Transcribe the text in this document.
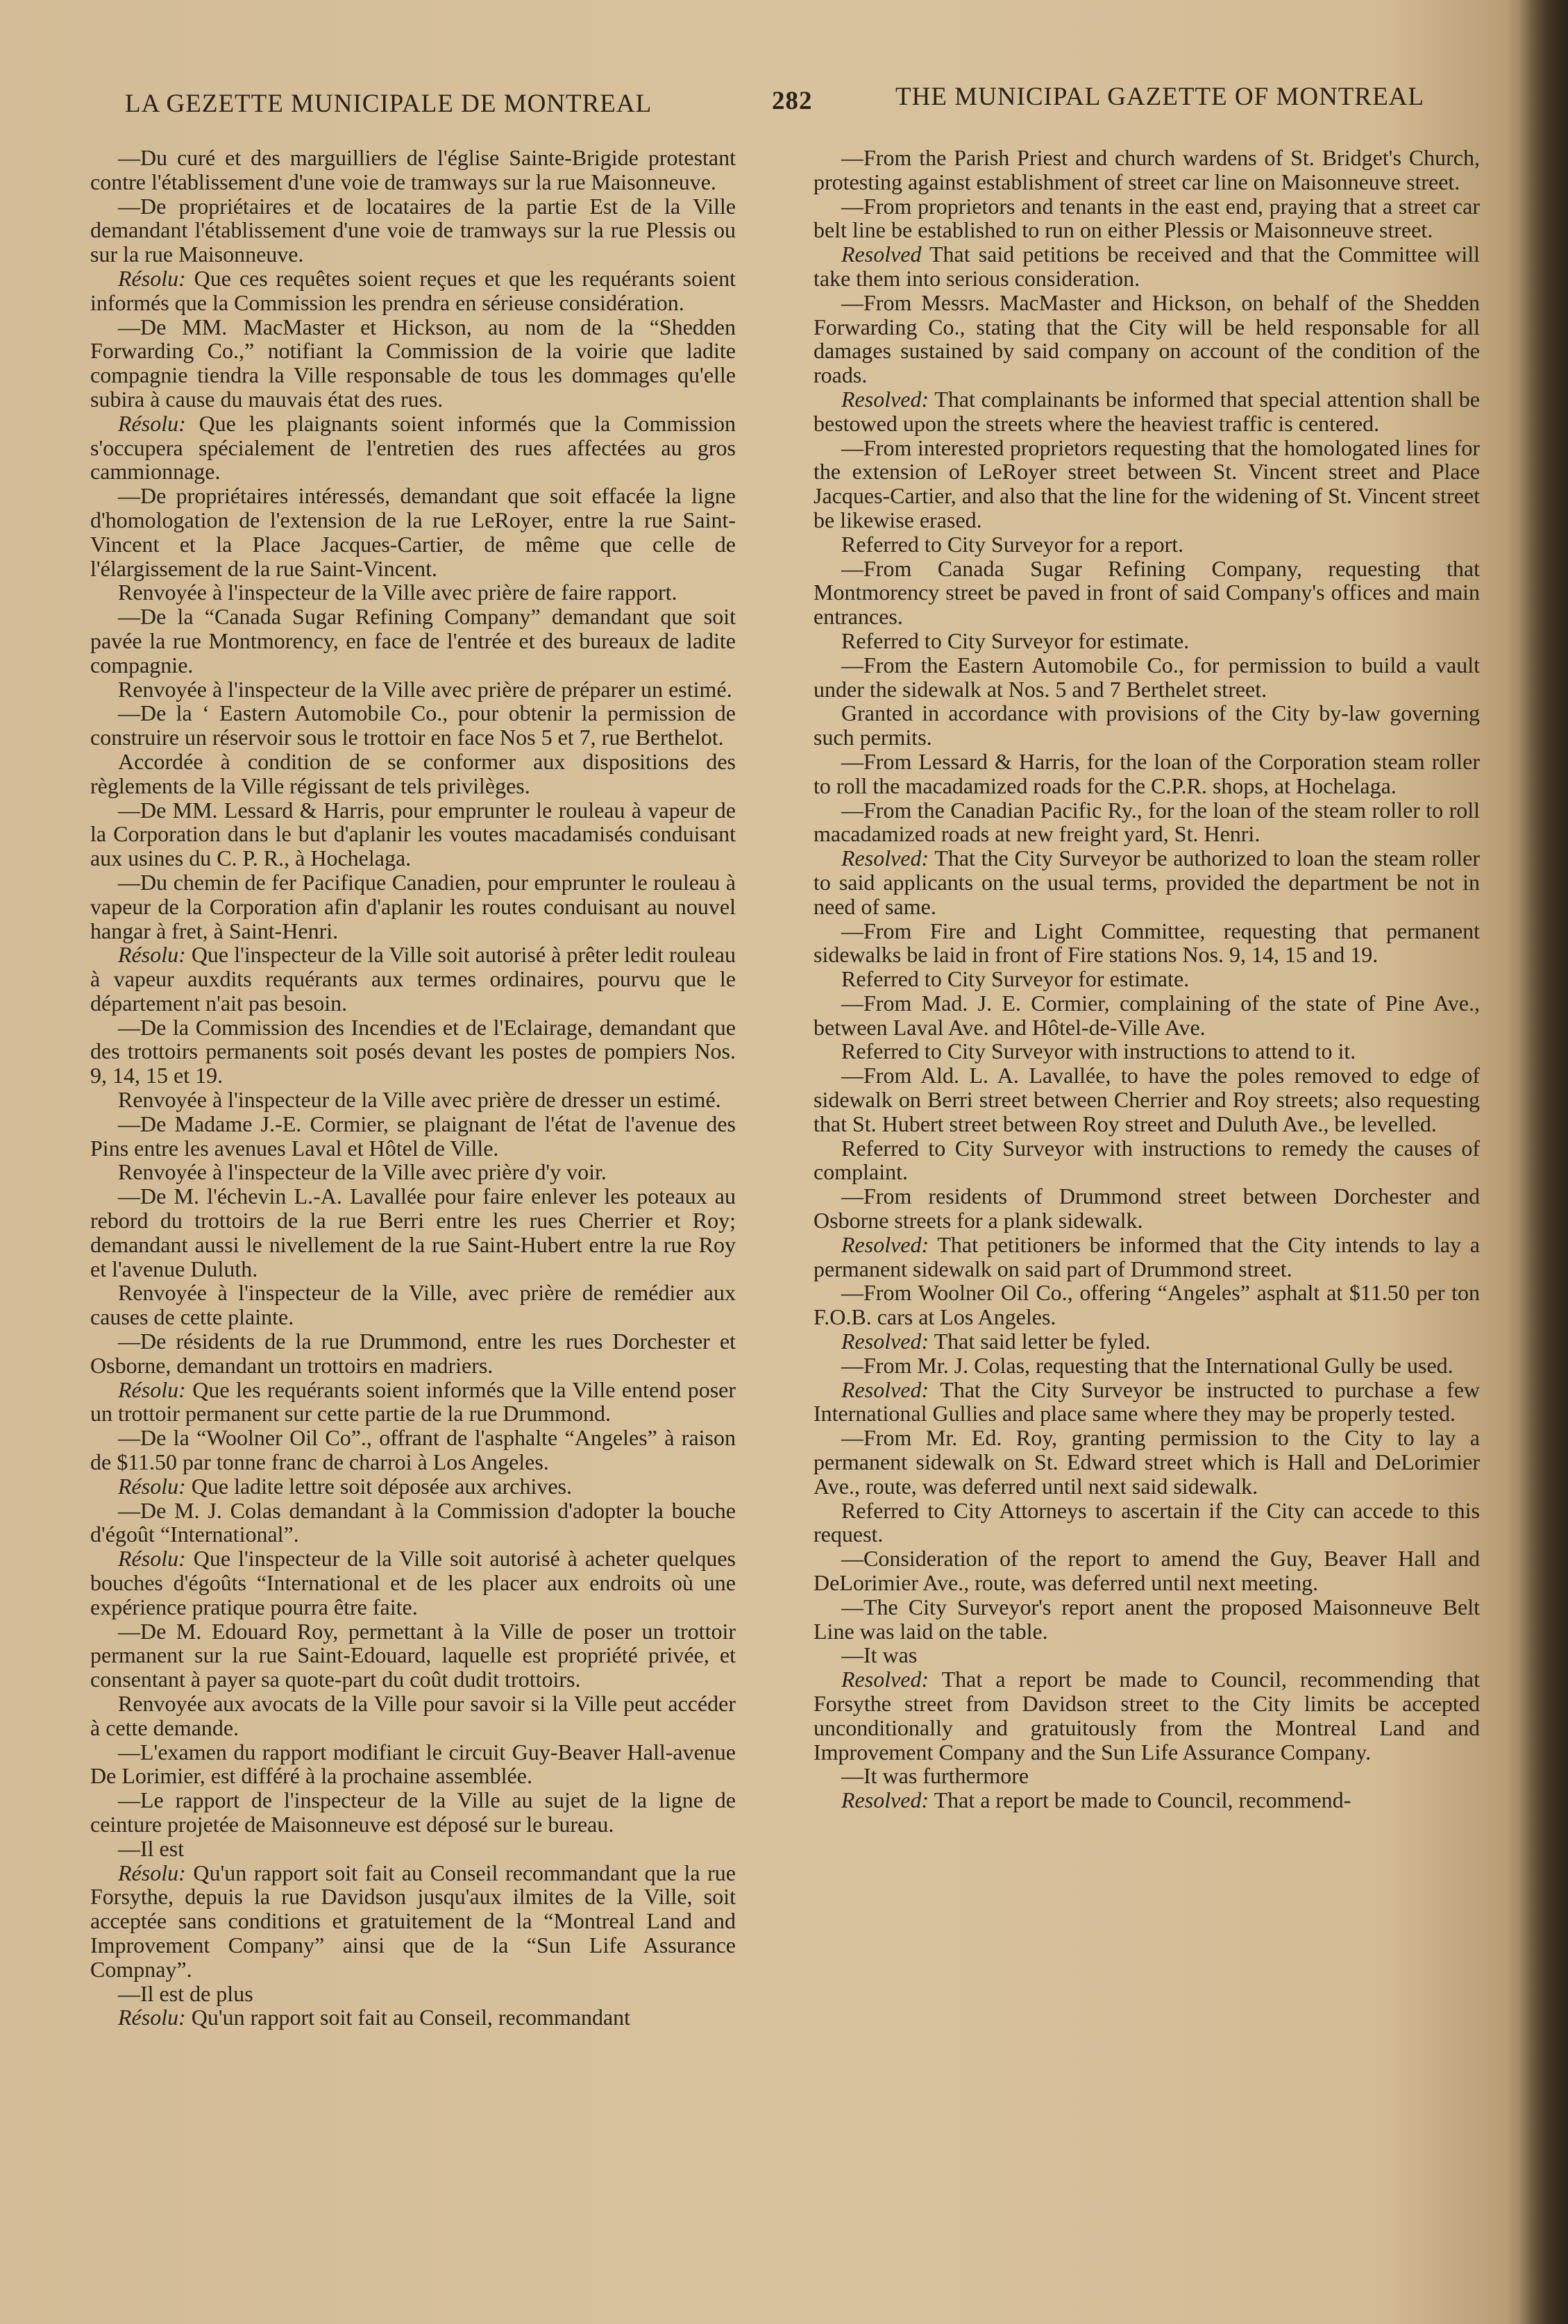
LA GEZETTE MUNICIPALE DE MONTREAL	282	THE MUNICIPAL GAZETTE OF MONTREAL

—Du curé et des marguilliers de l'église Sainte-Brigide protestant contre l'établissement d'une voie de tramways sur la rue Maisonneuve.

—De propriétaires et de locataires de la partie Est de la Ville demandant l'établissement d'une voie de tramways sur la rue Plessis ou sur la rue Maisonneuve.

Résolu: Que ces requêtes soient reçues et que les requérants soient informés que la Commission les prendra en sérieuse considération.

—De MM. MacMaster et Hickson, au nom de la “Shedden Forwarding Co.,” notifiant la Commission de la voirie que ladite compagnie tiendra la Ville responsable de tous les dommages qu'elle subira à cause du mauvais état des rues.

Résolu: Que les plaignants soient informés que la Commission s'occupera spécialement de l'entretien des rues affectées au gros cammionnage.

—De propriétaires intéressés, demandant que soit effacée la ligne d'homologation de l'extension de la rue LeRoyer, entre la rue Saint-Vincent et la Place Jacques-Cartier, de même que celle de l'élargissement de la rue Saint-Vincent.

Renvoyée à l'inspecteur de la Ville avec prière de faire rapport.

—De la “Canada Sugar Refining Company” demandant que soit pavée la rue Montmorency, en face de l'entrée et des bureaux de ladite compagnie.

Renvoyée à l'inspecteur de la Ville avec prière de préparer un estimé.

—De la ‘ Eastern Automobile Co., pour obtenir la permission de construire un réservoir sous le trottoir en face Nos 5 et 7, rue Berthelot.

Accordée à condition de se conformer aux dispositions des règlements de la Ville régissant de tels privilèges.

—De MM. Lessard & Harris, pour emprunter le rouleau à vapeur de la Corporation dans le but d'aplanir les voutes macadamisés conduisant aux usines du C. P. R., à Hochelaga.

—Du chemin de fer Pacifique Canadien, pour emprunter le rouleau à vapeur de la Corporation afin d'aplanir les routes conduisant au nouvel hangar à fret, à Saint-Henri.

Résolu: Que l'inspecteur de la Ville soit autorisé à prêter ledit rouleau à vapeur auxdits requérants aux termes ordinaires, pourvu que le département n'ait pas besoin.

—De la Commission des Incendies et de l'Eclairage, demandant que des trottoirs permanents soit posés devant les postes de pompiers Nos. 9, 14, 15 et 19.

Renvoyée à l'inspecteur de la Ville avec prière de dresser un estimé.

—De Madame J.-E. Cormier, se plaignant de l'état de l'avenue des Pins entre les avenues Laval et Hôtel de Ville.

Renvoyée à l'inspecteur de la Ville avec prière d'y voir.

—De M. l'échevin L.-A. Lavallée pour faire enlever les poteaux au rebord du trottoirs de la rue Berri entre les rues Cherrier et Roy; demandant aussi le nivellement de la rue Saint-Hubert entre la rue Roy et l'avenue Duluth.

Renvoyée à l'inspecteur de la Ville, avec prière de remédier aux causes de cette plainte.

—De résidents de la rue Drummond, entre les rues Dorchester et Osborne, demandant un trottoirs en madriers.

Résolu: Que les requérants soient informés que la Ville entend poser un trottoir permanent sur cette partie de la rue Drummond.

—De la “Woolner Oil Co”., offrant de l'asphalte “Angeles” à raison de $11.50 par tonne franc de charroi à Los Angeles.

Résolu: Que ladite lettre soit déposée aux archives.

—De M. J. Colas demandant à la Commission d'adopter la bouche d'égoût “International”.

Résolu: Que l'inspecteur de la Ville soit autorisé à acheter quelques bouches d'égoûts “International et de les placer aux endroits où une expérience pratique pourra être faite.

—De M. Edouard Roy, permettant à la Ville de poser un trottoir permanent sur la rue Saint-Edouard, laquelle est propriété privée, et consentant à payer sa quote-part du coût dudit trottoirs.

Renvoyée aux avocats de la Ville pour savoir si la Ville peut accéder à cette demande.

—L'examen du rapport modifiant le circuit Guy-Beaver Hall-avenue De Lorimier, est différé à la prochaine assemblée.

—Le rapport de l'inspecteur de la Ville au sujet de la ligne de ceinture projetée de Maisonneuve est déposé sur le bureau.

—Il est

Résolu: Qu'un rapport soit fait au Conseil recommandant que la rue Forsythe, depuis la rue Davidson jusqu'aux ilmites de la Ville, soit acceptée sans conditions et gratuitement de la “Montreal Land and Improvement Company” ainsi que de la “Sun Life Assurance Compnay”.

—Il est de plus

Résolu: Qu'un rapport soit fait au Conseil, recommandant

—From the Parish Priest and church wardens of St. Bridget's Church, protesting against establishment of street car line on Maisonneuve street.

—From proprietors and tenants in the east end, praying that a street car belt line be established to run on either Plessis or Maisonneuve street.

Resolved That said petitions be received and that the Committee will take them into serious consideration.

—From Messrs. MacMaster and Hickson, on behalf of the Shedden Forwarding Co., stating that the City will be held responsable for all damages sustained by said company on account of the condition of the roads.

Resolved: That complainants be informed that special attention shall be bestowed upon the streets where the heaviest traffic is centered.

—From interested proprietors requesting that the homologated lines for the extension of LeRoyer street between St. Vincent street and Place Jacques-Cartier, and also that the line for the widening of St. Vincent street be likewise erased.

Referred to City Surveyor for a report.

—From Canada Sugar Refining Company, requesting that Montmorency street be paved in front of said Company's offices and main entrances.

Referred to City Surveyor for estimate.

—From the Eastern Automobile Co., for permission to build a vault under the sidewalk at Nos. 5 and 7 Berthelet street.

Granted in accordance with provisions of the City by-law governing such permits.

—From Lessard & Harris, for the loan of the Corporation steam roller to roll the macadamized roads for the C.P.R. shops, at Hochelaga.

—From the Canadian Pacific Ry., for the loan of the steam roller to roll macadamized roads at new freight yard, St. Henri.

Resolved: That the City Surveyor be authorized to loan the steam roller to said applicants on the usual terms, provided the department be not in need of same.

—From Fire and Light Committee, requesting that permanent sidewalks be laid in front of Fire stations Nos. 9, 14, 15 and 19.

Referred to City Surveyor for estimate.

—From Mad. J. E. Cormier, complaining of the state of Pine Ave., between Laval Ave. and Hôtel-de-Ville Ave.

Referred to City Surveyor with instructions to attend to it.

—From Ald. L. A. Lavallée, to have the poles removed to edge of sidewalk on Berri street between Cherrier and Roy streets; also requesting that St. Hubert street between Roy street and Duluth Ave., be levelled.

Referred to City Surveyor with instructions to remedy the causes of complaint.

—From residents of Drummond street between Dorchester and Osborne streets for a plank sidewalk.

Resolved: That petitioners be informed that the City intends to lay a permanent sidewalk on said part of Drummond street.

—From Woolner Oil Co., offering “Angeles” asphalt at $11.50 per ton F.O.B. cars at Los Angeles.

Resolved: That said letter be fyled.

—From Mr. J. Colas, requesting that the International Gully be used.

Resolved: That the City Surveyor be instructed to purchase a few International Gullies and place same where they may be properly tested.

—From Mr. Ed. Roy, granting permission to the City to lay a permanent sidewalk on St. Edward street which is Hall and DeLorimier Ave., route, was deferred until next said sidewalk.

Referred to City Attorneys to ascertain if the City can accede to this request.

—Consideration of the report to amend the Guy, Beaver Hall and DeLorimier Ave., route, was deferred until next meeting.

—The City Surveyor's report anent the proposed Maisonneuve Belt Line was laid on the table.

—It was

Resolved: That a report be made to Council, recommending that Forsythe street from Davidson street to the City limits be accepted unconditionally and gratuitously from the Montreal Land and Improvement Company and the Sun Life Assurance Company.

—It was furthermore

Resolved: That a report be made to Council, recommend-
